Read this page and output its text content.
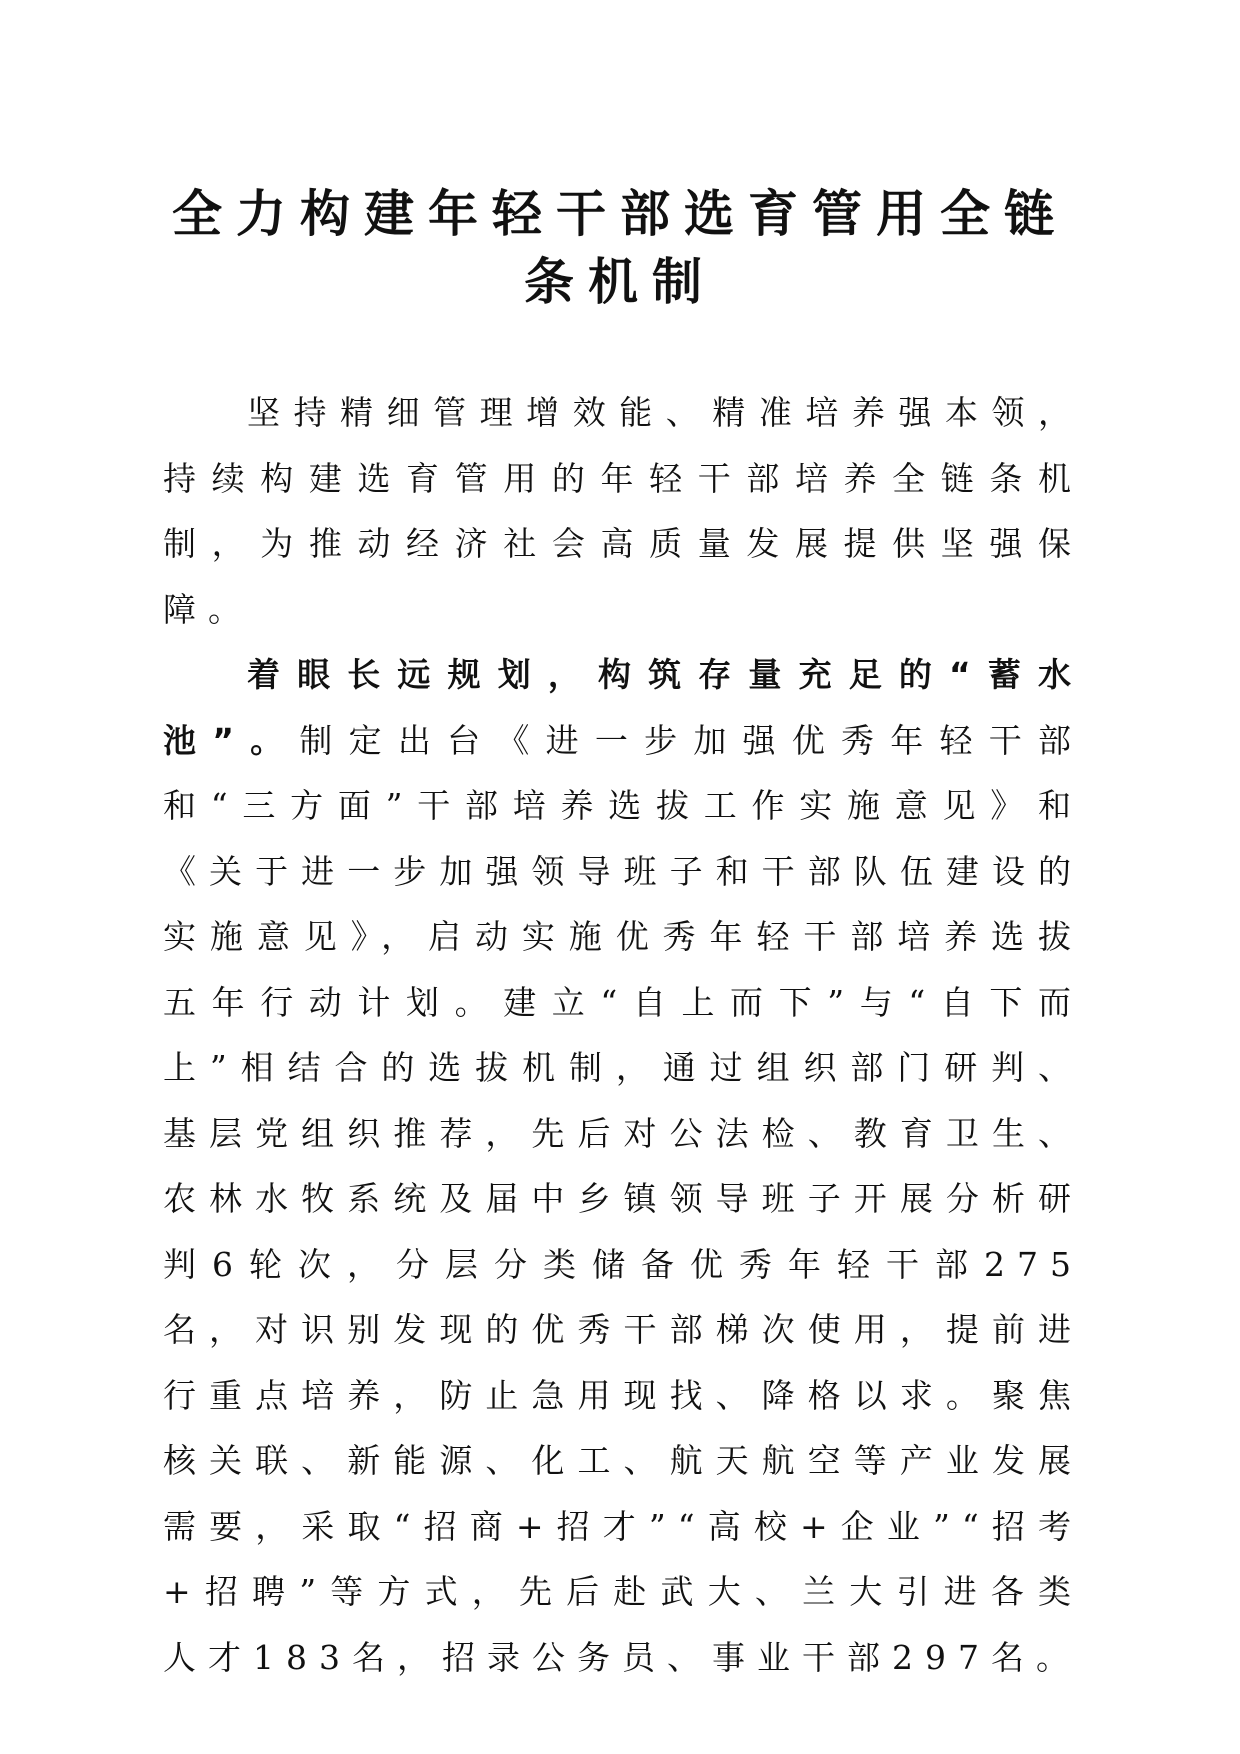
全力构建年轻干部选育管用全链
条机制

坚持精细管理增效能、精准培养强本领，持续构建选育管用的年轻干部培养全链条机制，为推动经济社会高质量发展提供坚强保障。

着眼长远规划，构筑存量充足的“蓄水池”。制定出台《进一步加强优秀年轻干部和“三方面”干部培养选拔工作实施意见》和《关于进一步加强领导班子和干部队伍建设的实施意见》，启动实施优秀年轻干部培养选拔五年行动计划。建立“自上而下”与“自下而上”相结合的选拔机制，通过组织部门研判、基层党组织推荐，先后对公法检、教育卫生、农林水牧系统及届中乡镇领导班子开展分析研判6轮次，分层分类储备优秀年轻干部275名，对识别发现的优秀干部梯次使用，提前进行重点培养，防止急用现找、降格以求。聚焦核关联、新能源、化工、航天航空等产业发展需要，采取“招商+招才”“高校+企业”“招考+招聘”等方式，先后赴武大、兰大引进各类人才183名，招录公务员、事业干部297名。
